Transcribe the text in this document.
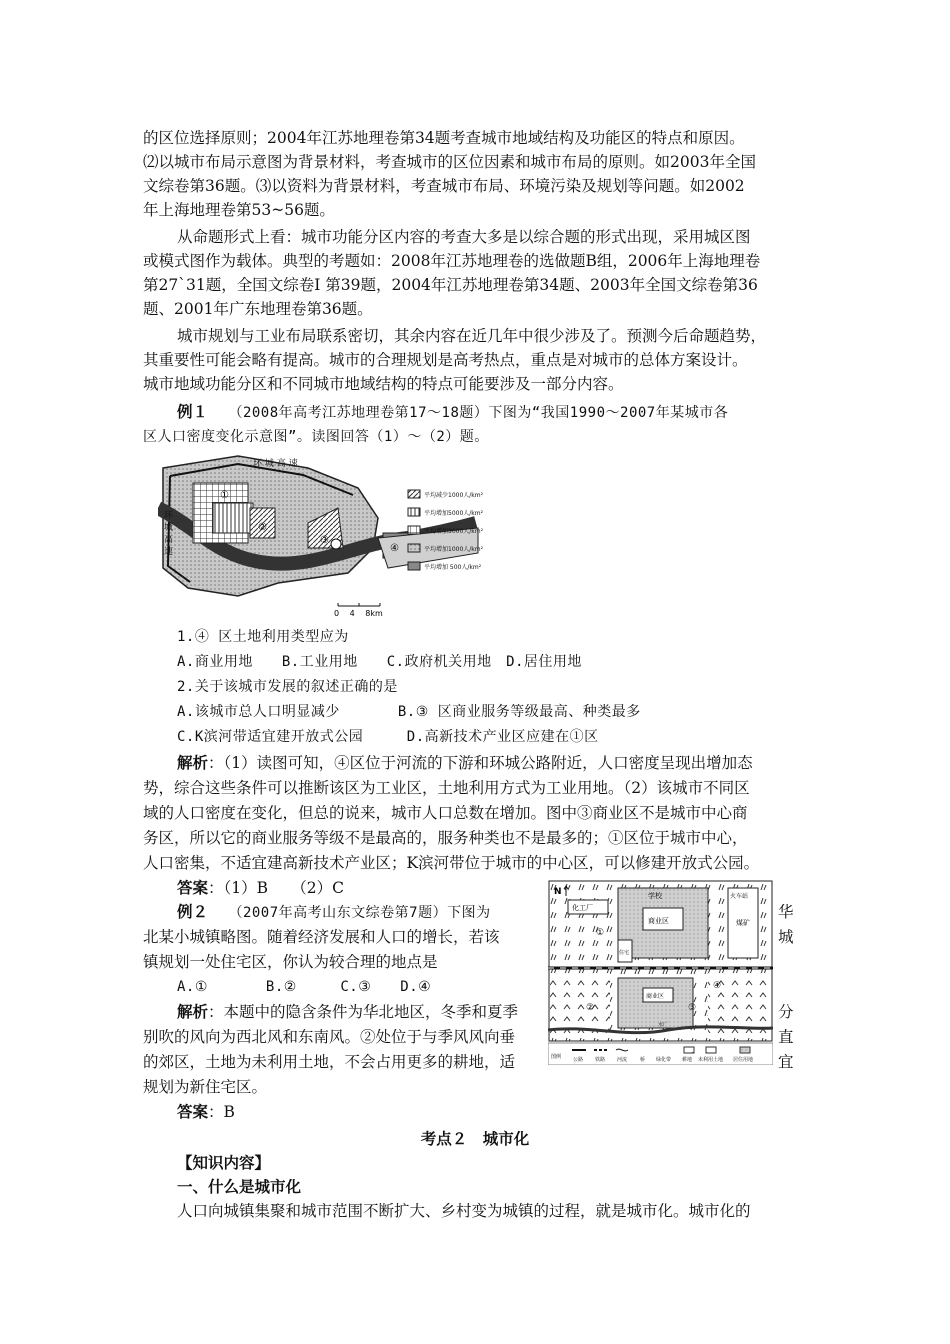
的区位选择原则；2004年江苏地理卷第34题考查城市地域结构及功能区的特点和原因。
⑵以城市布局示意图为背景材料，考查城市的区位因素和城市布局的原则。如2003年全国
文综卷第36题。⑶以资料为背景材料，考查城市布局、环境污染及规划等问题。如2002
年上海地理卷第53~56题。
从命题形式上看：城市功能分区内容的考查大多是以综合题的形式出现，采用城区图
或模式图作为载体。典型的考题如：2008年江苏地理卷的选做题B组，2006年上海地理卷
第27`31题，全国文综卷Ⅰ 第39题，2004年江苏地理卷第34题、2003年全国文综卷第36
题、2001年广东地理卷第36题。
城市规划与工业布局联系密切，其余内容在近几年中很少涉及了。预测今后命题趋势，
其重要性可能会略有提高。城市的合理规划是高考热点，重点是对城市的总体方案设计。
城市地域功能分区和不同城市地域结构的特点可能要涉及一部分内容。
例１　 （2008年高考江苏地理卷第17～18题）下图为“我国1990～2007年某城市各
区人口密度变化示意图”。读图回答（1）～（2）题。
环 城 高 速
环 城 高 速
①
②
③
④
平均减少1000人/km²
平均增加5000人/km²
平均增加3000人/km²
平均增加1000人/km²
平均增加 500人/km²
0　 4　 8km
1.④ 区土地利用类型应为
A.商业用地　　 B.工业用地　　 C.政府机关用地　 D.居住用地
2.关于该城市发展的叙述正确的是
A.该城市总人口明显减少　　　　	B.③ 区商业服务等级最高、种类最多
C.K滨河带适宜建开放式公园　　　	D.高新技术产业区应建在①区
解析：（1）读图可知，④区位于河流的下游和环城公路附近，人口密度呈现出增加态
势，综合这些条件可以推断该区为工业区，土地利用方式为工业用地。（2）该城市不同区
域的人口密度在变化，但总的说来，城市人口总数在增加。图中③商业区不是城市中心商
务区，所以它的商业服务等级不是最高的，服务种类也不是最多的；①区位于城市中心，
人口密集，不适宜建高新技术产业区；K滨河带位于城市的中心区，可以修建开放式公园。
答案：（1）B　　（2）C
例２　 （2007年高考山东文综卷第7题）下图为
北某小城镇略图。随着经济发展和人口的增长，若该
镇规划一处住宅区，你认为较合理的地点是
A.①　　　　	B.②　　　	C.③　　 D.④
解析：本题中的隐含条件为华北地区，冬季和夏季
别吹的风向为西北风和东南风。②处位于与季风风向垂
的郊区，土地为未利用土地，不会占用更多的耕地，适
规划为新住宅区。
答案：B
华
城
分
直
宜
N
商业区
化工厂
学校
住宅
火车站
煤矿
商业区
水厂
①
②	③
④
图例 公路 铁路 河流	桥 绿化带 耕地 未利用土地 居住用地
考点２　城市化
【知识内容】
一、什么是城市化
人口向城镇集聚和城市范围不断扩大、乡村变为城镇的过程，就是城市化。城市化的
